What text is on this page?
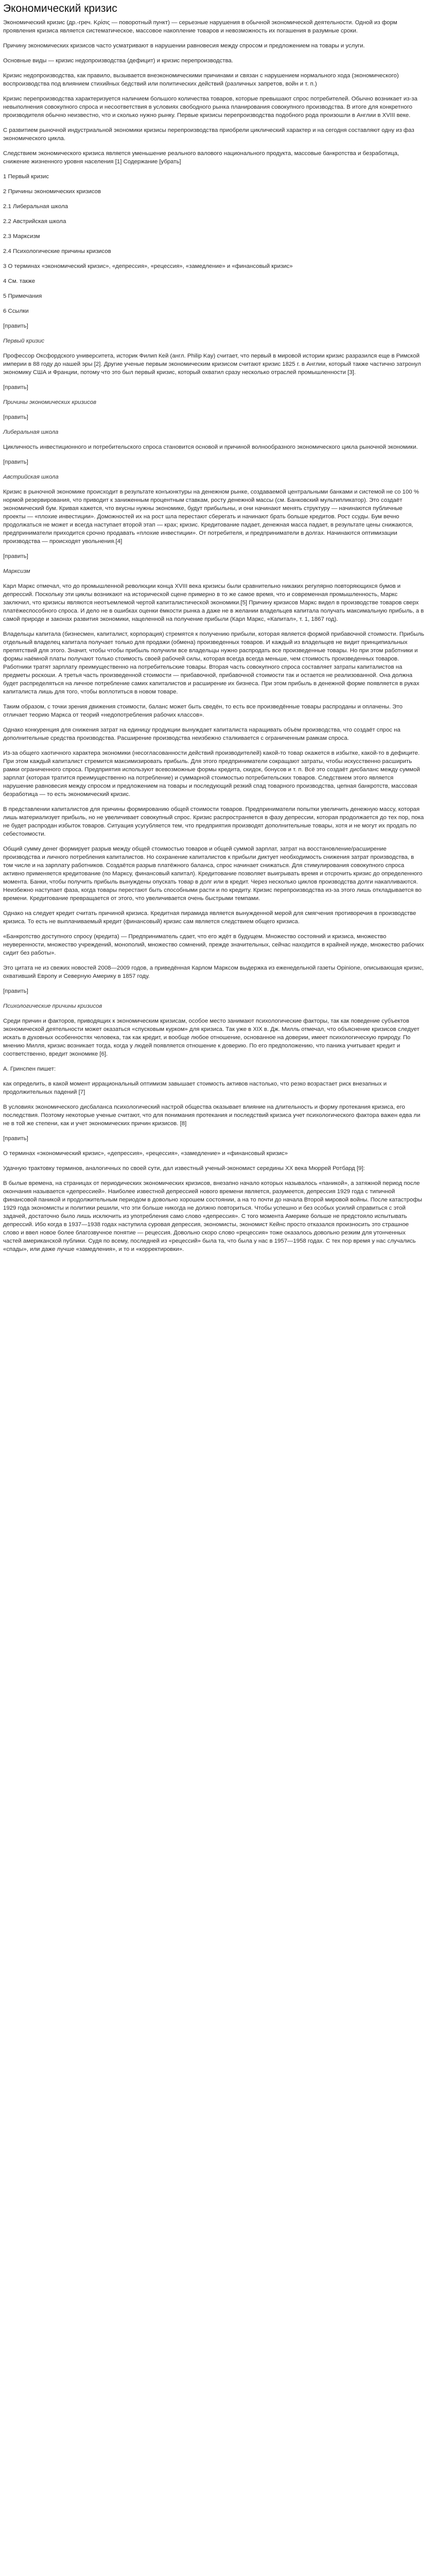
Экономический кризис

Экономический кризис (др.-греч. Κρίσις — поворотный пункт) — серьезные нарушения в обычной экономической деятельности. Одной из форм проявления кризиса является систематическое, массовое накопление товаров и невозможность их погашения в разумные сроки.

Причину экономических кризисов часто усматривают в нарушении равновесия между спросом и предложением на товары и услуги.

Основные виды — кризис недопроизводства (дефицит) и кризис перепроизводства.

Кризис недопроизводства, как правило, вызывается внеэкономическими причинами и связан с нарушением нормального хода (экономического) воспроизводства под влиянием стихийных бедствий или политических действий (различных запретов, войн и т. п.)

Кризис перепроизводства характеризуется наличием большого количества товаров, которые превышают спрос потребителей. Обычно возникает из-за невыполнения совокупного спроса и несоответствия в условиях свободного рынка планирования совокупного производства. В итоге для конкретного производителя обычно неизвестно, что и сколько нужно рынку. Первые кризисы перепроизводства подобного рода произошли в Англии в XVIII веке.

С развитием рыночной индустриальной экономики кризисы перепроизводства приобрели циклический характер и на сегодня составляют одну из фаз экономического цикла.

Следствием экономического кризиса является уменьшение реального валового национального продукта, массовые банкротства и безработица, снижение жизненного уровня населения [1] Содержание [убрать]

1 Первый кризис
2 Причины экономических кризисов
2.1 Либеральная школа
2.2 Австрийская школа
2.3 Марксизм
2.4 Психологические причины кризисов
3 О терминах «экономический кризис», «депрессия», «рецессия», «замедление» и «финансовый кризис»
4 См. также
5 Примечания
6 Ссылки
[править]
Первый кризис

Профессор Оксфордского университета, историк Филип Кей (англ. Philip Kay) считает, что первый в мировой истории кризис разразился еще в Римской империи в 88 году до нашей эры [2]. Другие ученые первым экономическим кризисом считают кризис 1825 г. в Англии, который также частично затронул экономику США и Франции, потому что это был первый кризис, который охватил сразу несколько отраслей промышленности [3].

[править]
Причины экономических кризисов
[править]
Либеральная школа

Цикличность инвестиционного и потребительского спроса становится основой и причиной волнообразного экономического цикла рыночной экономики.

[править]
Австрийская школа

Кризис в рыночной экономике происходит в результате конъюнктуры на денежном рынке, создаваемой центральными банками и системой не со 100 % нормой резервирования, что приводит к заниженным процентным ставкам, росту денежной массы (см. Банковский мультипликатор). Это создаёт экономический бум. Кривая кажется, что вкусны нужны экономике, будут прибыльны, и они начинают менять структуру — начинаются публичные проекты — «плохие инвестиции». Доможностей их на рост шла перестают сберегать и начинают брать больше кредитов. Рост ссуды. Бум вечно продолжаться не может и всегда наступает второй этап — крах; кризис. Кредитование падает, денежная масса падает, в результате цены снижаются, предприниматели приходится срочно продавать «плохие инвестиции». От потребителя, и предприниматели в долгах. Начинаются оптимизации производства — происходят увольнения.[4]

[править]
Марксизм

Карл Маркс отмечал, что до промышленной революции конца XVIII века кризисы были сравнительно никаких регулярно повторяющихся бумов и депрессий. Поскольку эти циклы возникают на исторической сцене примерно в то же самое время, что и современная промышленность, Маркс заключил, что кризисы являются неотъемлемой чертой капиталистической экономики.[5] Причину кризисов Маркс видел в производстве товаров сверх платёжеспособного спроса. И дело не в ошибках оценки ёмкости рынка а даже не в желании владельцев капитала получать максимальную прибыль, а в самой природе и законах развития экономики, нацеленной на получение прибыли (Карл Маркс, «Капитал», т. 1, 1867 год).

Владельцы капитала (бизнесмен, капиталист, корпорация) стремятся к получению прибыли, которая является формой прибавочной стоимости. Прибыль отдельный владелец капитала получает только для продажи (обмена) произведенных товаров. И каждый из владельцев не видит принципиальных препятствий для этого. Значит, чтобы чтобы прибыль получили все владельцы нужно распродать все произведенные товары. Но при этом работники и формы наёмной платы получают только стоимость своей рабочей силы, которая всегда всегда меньше, чем стоимость произведенных товаров. Работники тратят зарплату преимущественно на потребительские товары. Вторая часть совокупного спроса составляет затраты капиталистов на предметы роскоши. А третья часть произведенной стоимости — прибавочной, прибавочной стоимости так и остается не реализованной. Она должна будет распределяться на личное потребление самих капиталистов и расширение их бизнеса. При этом прибыль в денежной форме появляется в руках капиталиста лишь для того, чтобы воплотиться в новом товаре.

Таким образом, с точки зрения движения стоимости, баланс может быть сведён, то есть все произведённые товары распроданы и оплачены. Это отличает теорию Маркса от теорий «недопотребления рабочих классов».

Однако конкуренция для снижения затрат на единицу продукции вынуждает капиталиста наращивать объём производства, что создаёт спрос на дополнительные средства производства. Расширение производства неизбежно сталкивается с ограниченным рамкам спроса.

Из-за общего хаотичного характера экономики (несогласованности действий производителей) какой-то товар окажется в избытке, какой-то в дефиците. При этом каждый капиталист стремится максимизировать прибыль. Для этого предприниматели сокращают затраты, чтобы искусственно расширить рамки ограниченного спроса. Предприятия используют всевозможные формы кредита, скидок, бонусов и т. п. Всё это создаёт дисбаланс между суммой зарплат (которая тратится преимущественно на потребление) и суммарной стоимостью потребительских товаров. Следствием этого является нарушение равновесия между спросом и предложением на товары и последующий резкий спад товарного производства, цепная банкротств, массовая безработица — то есть экономический кризис.

В представлении капиталистов для причины формированию общей стоимости товаров. Предприниматели попытки увеличить денежную массу, которая лишь материализует прибыль, но не увеличивает совокупный спрос. Кризис распространяется в фазу депрессии, которая продолжается до тех пор, пока не будет распродан избыток товаров. Ситуация усугубляется тем, что предприятия производят дополнительные товары, хотя и не могут их продать по себестоимости.

Общий сумму денег формирует разрыв между общей стоимостью товаров и общей суммой зарплат, затрат на восстановление/расширение производства и личного потребления капиталистов. Но сохранение капиталистов к прибыли диктует необходимость снижения затрат производства, в том числе и на зарплату работников. Создаётся разрыв платёжного баланса, спрос начинает снижаться. Для стимулирования совокупного спроса активно применяется кредитование (по Марксу, финансовый капитал). Кредитование позволяет выигрывать время и отсрочить кризис до определенного момента. Банки, чтобы получить прибыль вынуждены опускать товар в долг или в кредит. Через несколько циклов производства долги накапливаются. Неизбежно наступает фаза, когда товары перестают быть способными расти и по кредиту. Кризис перепроизводства из-за этого лишь откладывается во времени. Кредитование превращается от этого, что увеличивается очень быстрыми темпами.

Однако на следует кредит считать причиной кризиса. Кредитная пирамида является вынужденной мерой для смягчения противоречия в производстве кризиса. То есть не выплачиваемый кредит (финансовый) кризис сам является следствием общего кризиса.

«Банкротство доступного спросу (кредита) — Предприниматель сдает, что его ждёт в будущем. Множество состояний и кризиса, множество неуверенности, множество учреждений, монополий, множество сомнений, прежде значительных, сейчас находится в крайней нужде, множество рабочих сидит без работы».

Это цитата не из свежих новостей 2008—2009 годов, а приведённая Карлом Марксом выдержка из еженедельной газеты Opinione, описывающая кризис, охвативший Европу и Северную Америку в 1857 году.

[править]
Психологические причины кризисов

Среди причин и факторов, приводящих к экономическим кризисам, особое место занимают психологические факторы, так как поведение субъектов экономической деятельности может оказаться «спусковым курком» для кризиса. Так уже в XIX в. Дж. Милль отмечал, что объяснение кризисов следует искать в духовных особенностях человека, так как кредит, и вообще любое отношение, основанное на доверии, имеет психологическую природу. По мнению Милля, кризис возникает тогда, когда у людей появляется отношение к доверию. По его предположению, что паника учитывает кредит и соответственно, вредит экономике [6].

А. Гринспен пишет:

как определить, в какой момент иррациональный оптимизм завышает стоимость активов настолько, что резко возрастает риск внезапных и продолжительных падений [7]

В условиях экономического дисбаланса психологический настрой общества оказывает влияние на длительность и форму протекания кризиса, его последствия. Поэтому некоторые ученые считают, что для понимания протекания и последствий кризиса учет психологического фактора важен едва ли не в той же степени, как и учет экономических причин кризисов. [8]

[править]

О терминах «экономический кризис», «депрессия», «рецессия», «замедление» и «финансовый кризис»

Удачную трактовку терминов, аналогичных по своей сути, дал известный ученый-экономист середины XX века Мюррей Ротбард [9]:

В былые времена, на страницах от периодических экономических кризисов, внезапно начало которых называлось «паникой», а затяжной период после окончания называется «депрессией». Наиболее известной депрессией нового времени является, разумеется, депрессия 1929 года с типичной финансовой паникой и продолжительным периодом в довольно хорошем состоянии, а на то почти до начала Второй мировой войны. После катастрофы 1929 года экономисты и политики решили, что эти больше никогда не должно повториться. Чтобы успешно и без особых усилий справиться с этой задачей, достаточно было лишь исключить из употребления само слово «депрессия». С того момента Америке больше не предстояло испытывать депрессий. Ибо когда в 1937—1938 годах наступила суровая депрессия, экономисты, экономист Кейнс просто отказался произносить это страшное слово и ввел новое более благозвучное понятие — рецессия. Довольно скоро слово «рецессия» тоже оказалось довольно резким для утонченных частей американской публики. Судя по всему, последней из «рецессий» была та, что была у нас в 1957—1958 годах. С тех пор время у нас случались «спады», или даже лучше «замедления», и то и «корректировки».
